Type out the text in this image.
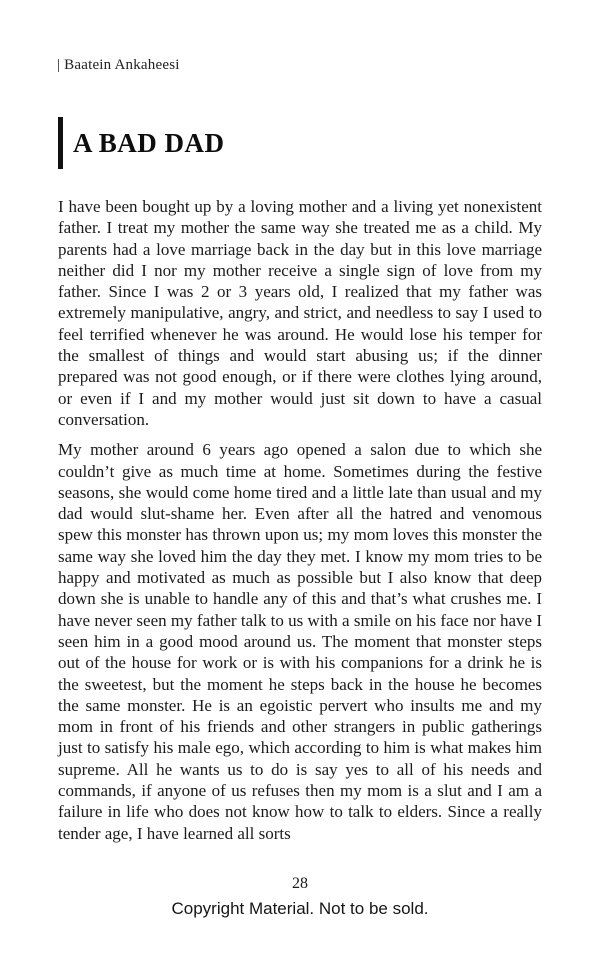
| Baatein Ankaheesi
A BAD DAD

I have been bought up by a loving mother and a living yet nonexistent father. I treat my mother the same way she treated me as a child. My parents had a love marriage back in the day but in this love marriage neither did I nor my mother receive a single sign of love from my father. Since I was 2 or 3 years old, I realized that my father was extremely manipulative, angry, and strict, and needless to say I used to feel terrified whenever he was around. He would lose his temper for the smallest of things and would start abusing us; if the dinner prepared was not good enough, or if there were clothes lying around, or even if I and my mother would just sit down to have a casual conversation.

My mother around 6 years ago opened a salon due to which she couldn’t give as much time at home. Sometimes during the festive seasons, she would come home tired and a little late than usual and my dad would slut-shame her. Even after all the hatred and venomous spew this monster has thrown upon us; my mom loves this monster the same way she loved him the day they met. I know my mom tries to be happy and motivated as much as possible but I also know that deep down she is unable to handle any of this and that’s what crushes me. I have never seen my father talk to us with a smile on his face nor have I seen him in a good mood around us. The moment that monster steps out of the house for work or is with his companions for a drink he is the sweetest, but the moment he steps back in the house he becomes the same monster. He is an egoistic pervert who insults me and my mom in front of his friends and other strangers in public gatherings just to satisfy his male ego, which according to him is what makes him supreme. All he wants us to do is say yes to all of his needs and commands, if anyone of us refuses then my mom is a slut and I am a failure in life who does not know how to talk to elders. Since a really tender age, I have learned all sorts

28
Copyright Material. Not to be sold.
